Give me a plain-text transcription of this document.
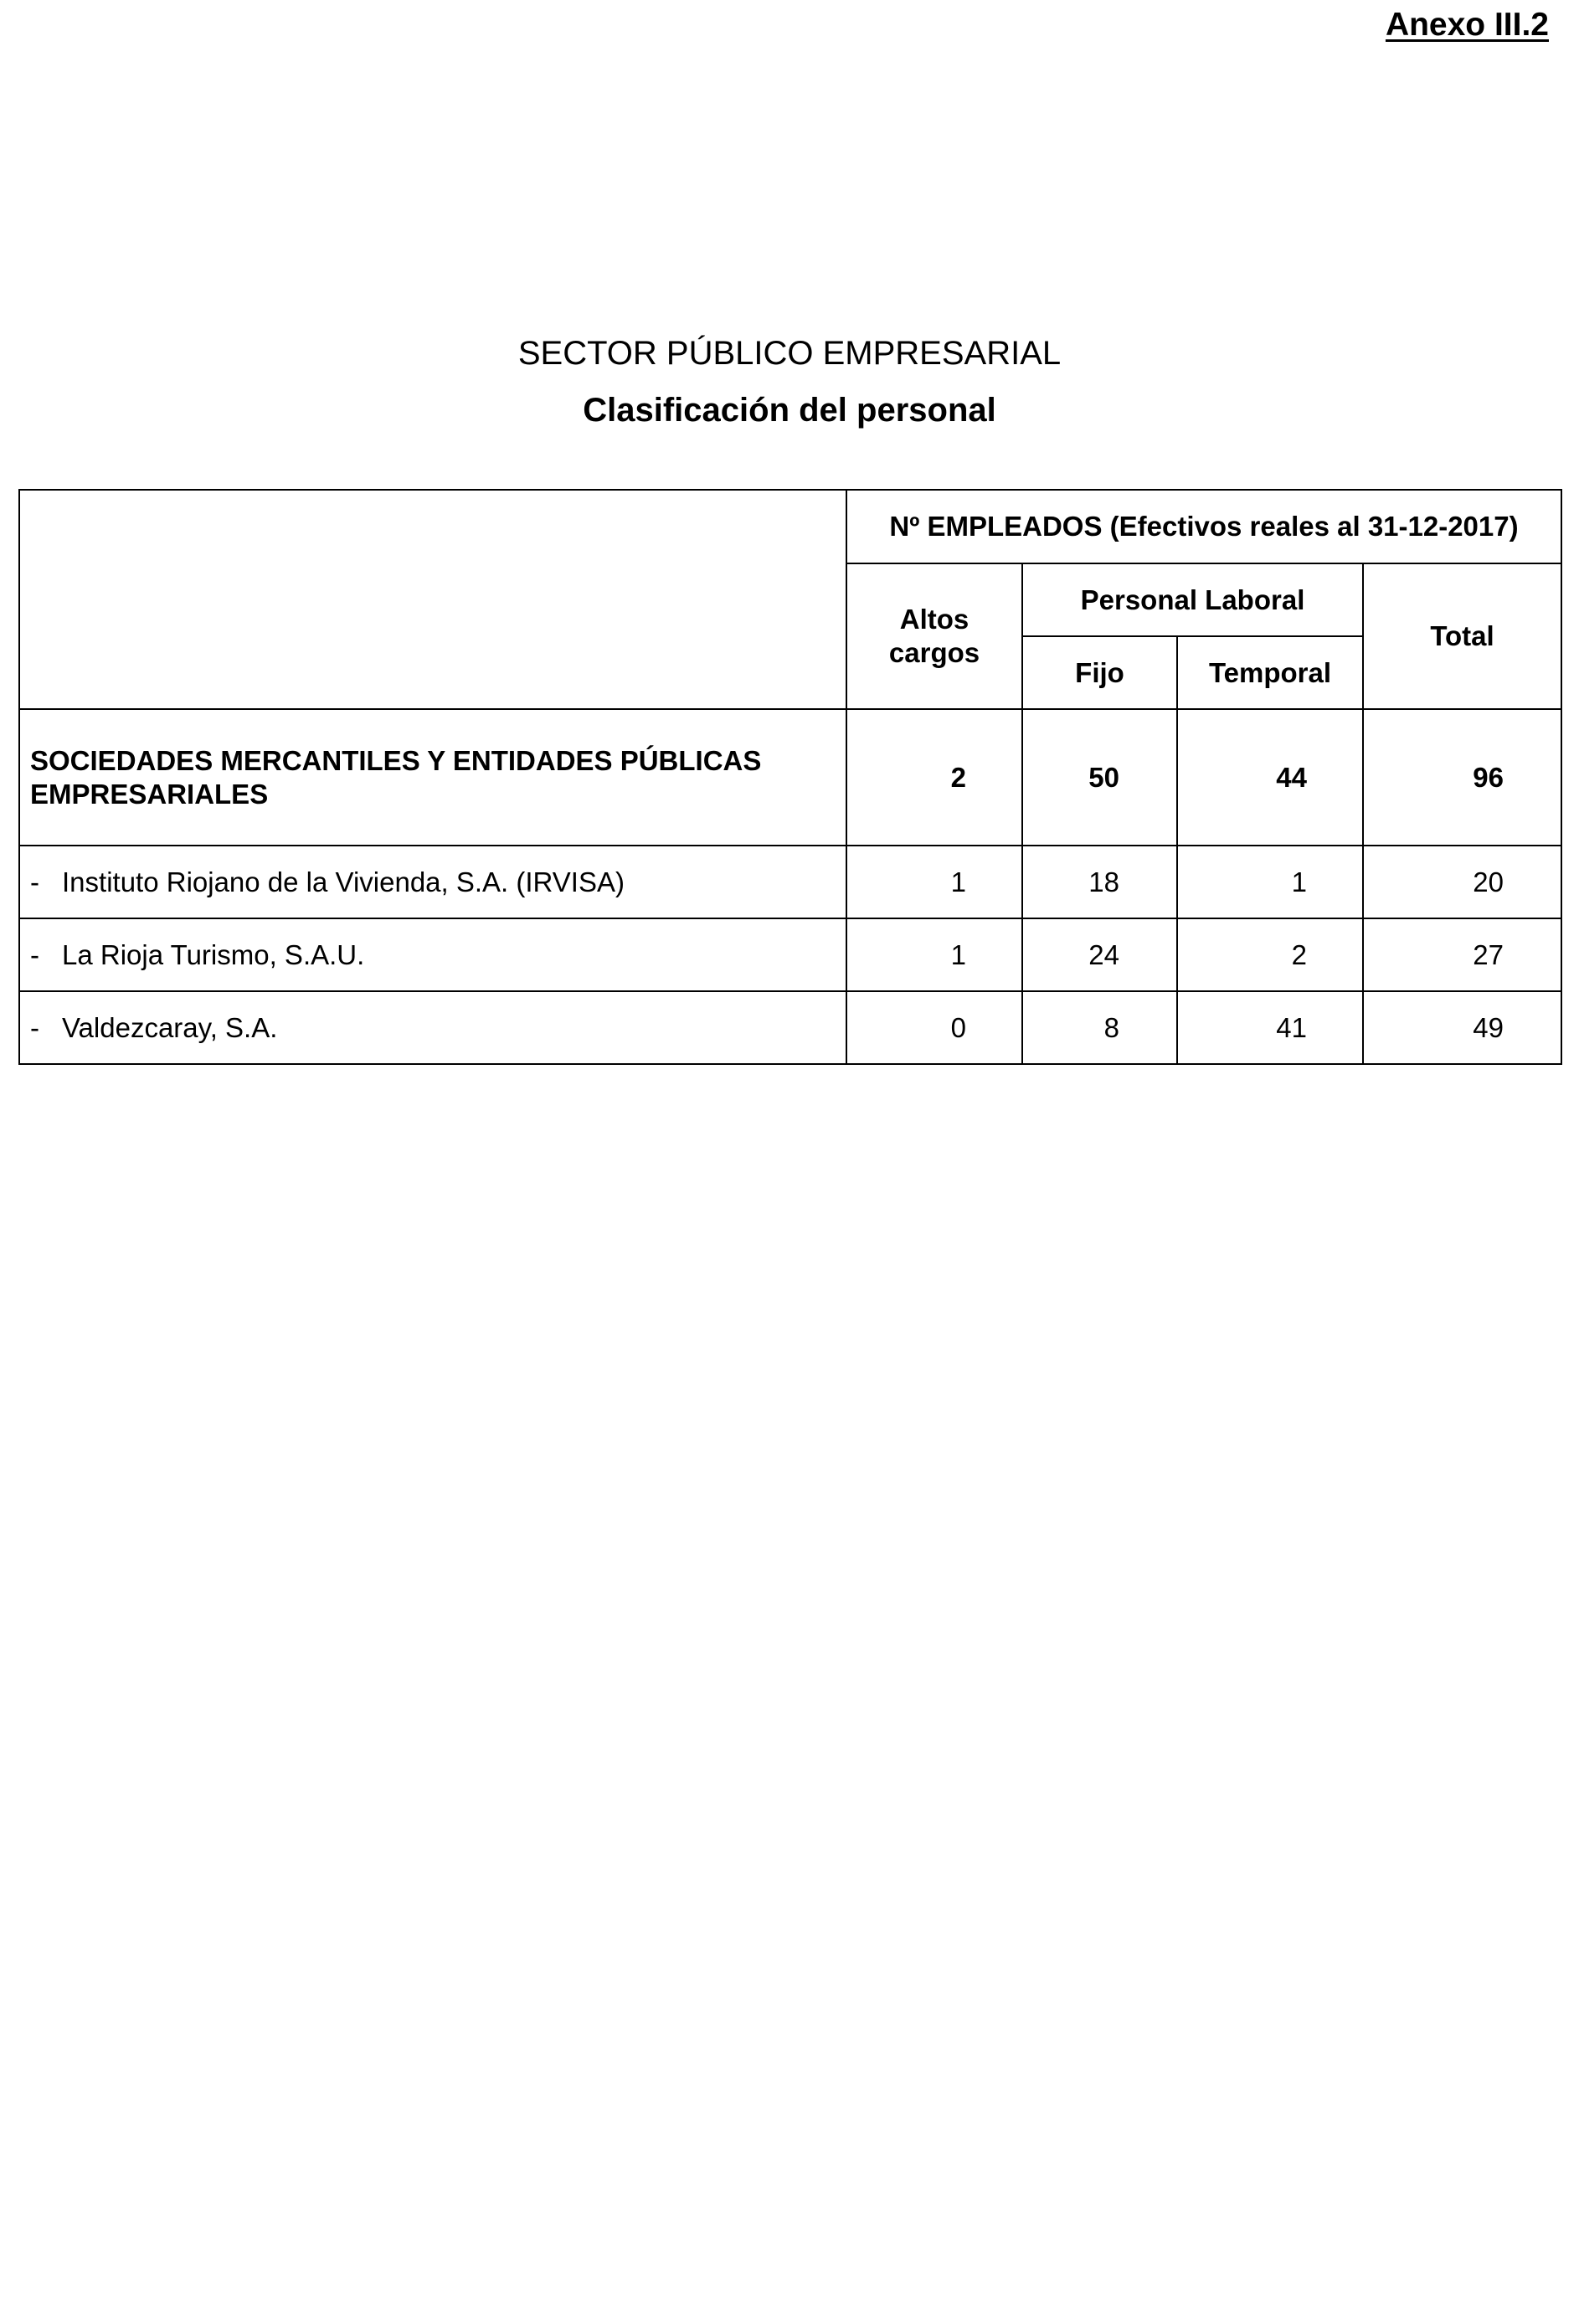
Anexo III.2
SECTOR PÚBLICO EMPRESARIAL
Clasificación del personal
	Nº EMPLEADOS (Efectivos reales al 31-12-2017)			
	Altos
cargos	Personal Laboral		Total
		Fijo	Temporal	
SOCIEDADES MERCANTILES Y ENTIDADES PÚBLICAS
EMPRESARIALES	2	50	44	96
- Instituto Riojano de la Vivienda, S.A. (IRVISA)	1	18	1	20
- La Rioja Turismo, S.A.U.	1	24	2	27
- Valdezcaray, S.A.	0	8	41	49
